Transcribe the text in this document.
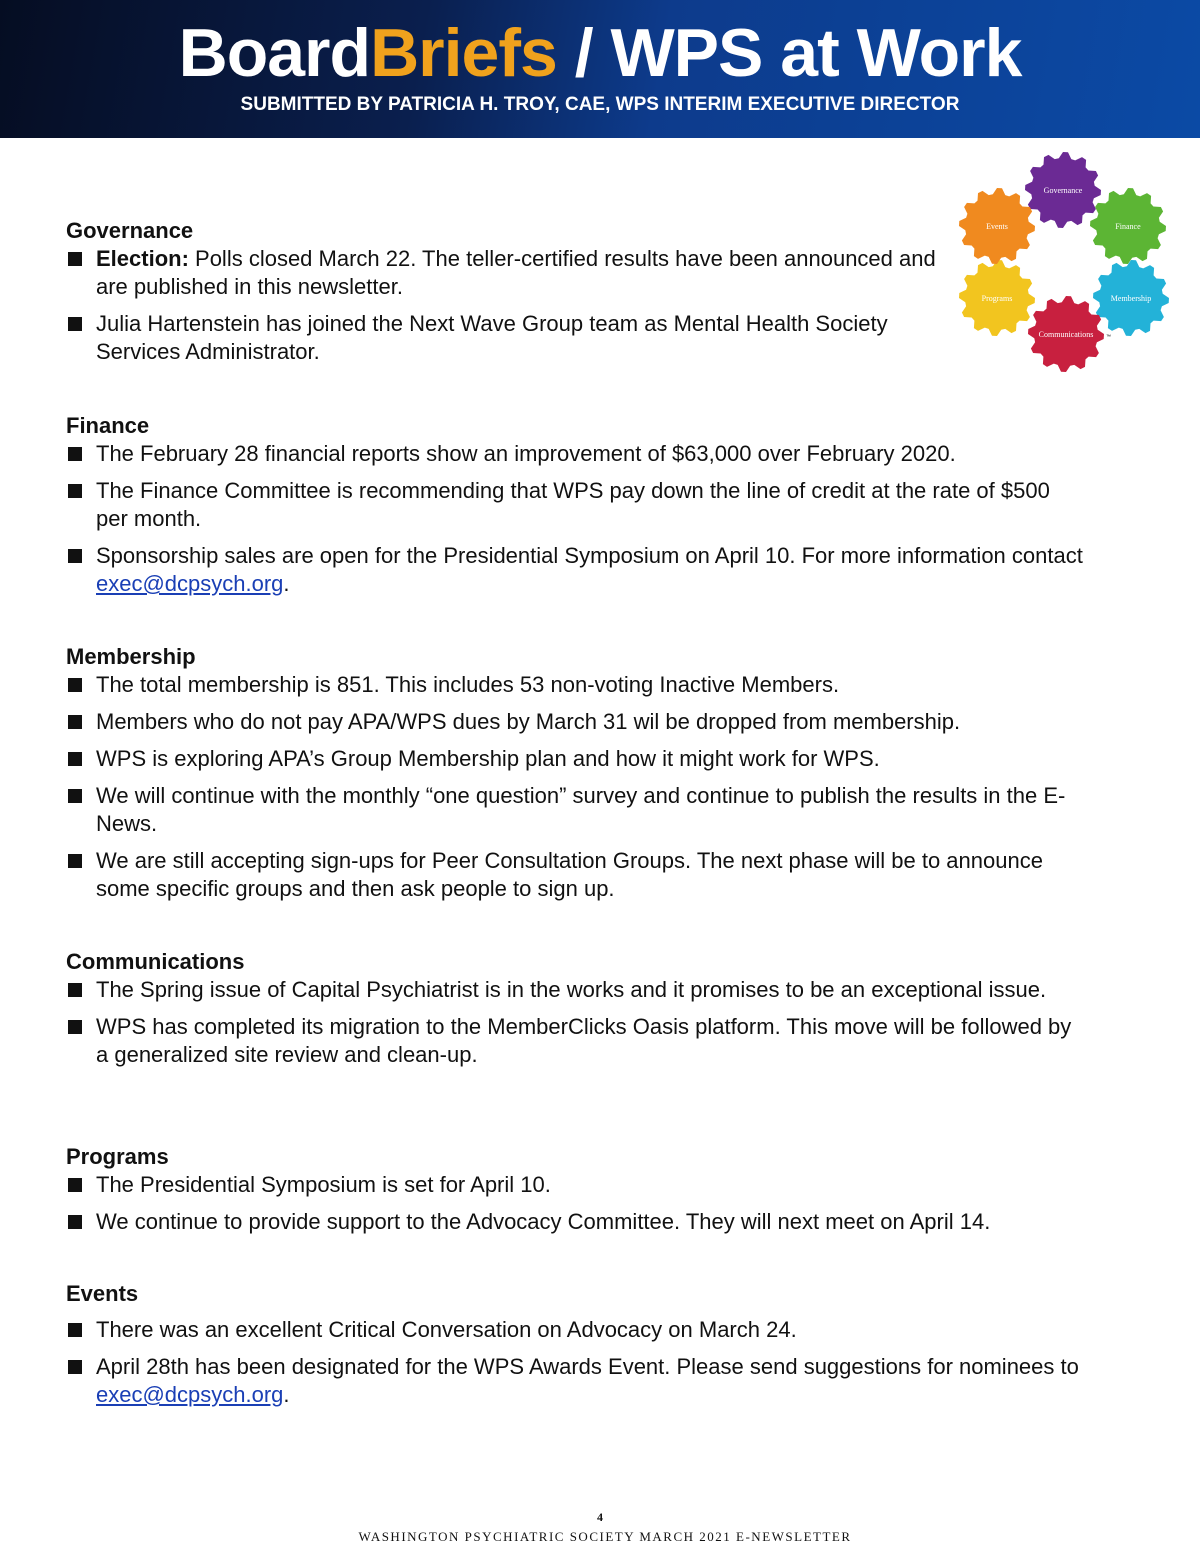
BoardBriefs / WPS at Work
SUBMITTED BY PATRICIA H. TROY, CAE, WPS INTERIM EXECUTIVE DIRECTOR
Governance
Finance
Membership
Communications
Programs
Events
™
Governance
Election: Polls closed March 22. The teller-certified results have been announced and are published in this newsletter.
Julia Hartenstein has joined the Next Wave Group team as Mental Health Society Services Administrator.
Finance
The February 28 financial reports show an improvement of $63,000 over February 2020.
The Finance Committee is recommending that WPS pay down the line of credit at the rate of $500 per month.
Sponsorship sales are open for the Presidential Symposium on April 10. For more information contact exec@dcpsych.org.
Membership
The total membership is 851. This includes 53 non-voting Inactive Members.
Members who do not pay APA/WPS dues by March 31 wil be dropped from membership.
WPS is exploring APA’s Group Membership plan and how it might work for WPS.
We will continue with the monthly “one question” survey and continue to publish the results in the E-News.
We are still accepting sign-ups for Peer Consultation Groups. The next phase will be to announce some specific groups and then ask people to sign up.
Communications
The Spring issue of Capital Psychiatrist is in the works and it promises to be an exceptional issue.
WPS has completed its migration to the MemberClicks Oasis platform. This move will be followed by a generalized site review and clean-up.
Programs
The Presidential Symposium is set for April 10.
We continue to provide support to the Advocacy Committee. They will next meet on April 14.
Events
There was an excellent Critical Conversation on Advocacy on March 24.
April 28th has been designated for the WPS Awards Event. Please send suggestions for nominees to exec@dcpsych.org.
4
WASHINGTON PSYCHIATRIC SOCIETY MARCH 2021 E-NEWSLETTER
